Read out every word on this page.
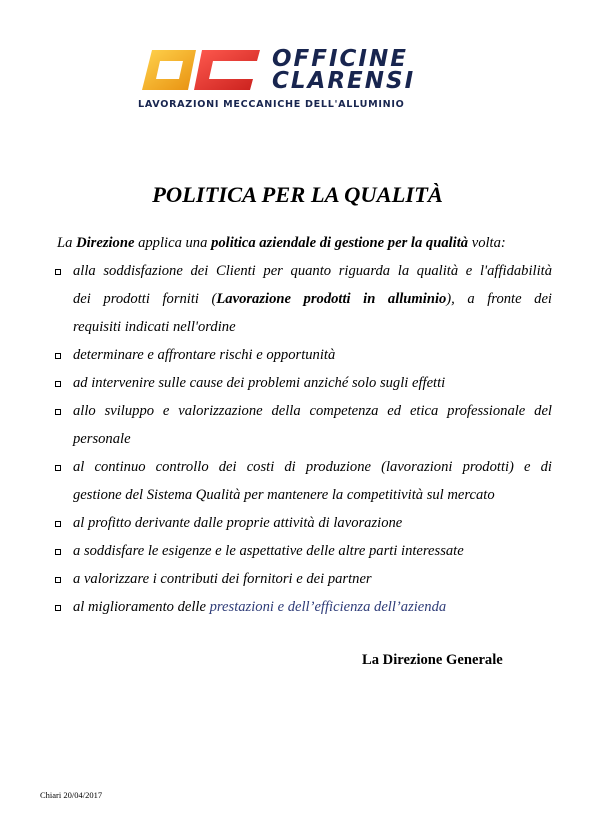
OFFICINE
CLARENSI
LAVORAZIONI MECCANICHE DELL'ALLUMINIO
POLITICA PER LA QUALITÀ
La Direzione applica una politica aziendale di gestione per la qualità volta:
alla soddisfazione dei Clienti per quanto riguarda la qualità e l'affidabilità
dei prodotti forniti (Lavorazione prodotti in alluminio), a fronte dei
requisiti indicati nell'ordine
determinare e affrontare rischi e opportunità
ad intervenire sulle cause dei problemi anziché solo sugli effetti
allo sviluppo e valorizzazione della competenza ed etica professionale del
personale
al continuo controllo dei costi di produzione (lavorazioni prodotti) e di
gestione del Sistema Qualità per mantenere la competitività sul mercato
al profitto derivante dalle proprie attività di lavorazione
a soddisfare le esigenze e le aspettative delle altre parti interessate
a valorizzare i contributi dei fornitori e dei partner
al miglioramento delle prestazioni e dell’efficienza dell’azienda
La Direzione Generale
Chiari 20/04/2017
